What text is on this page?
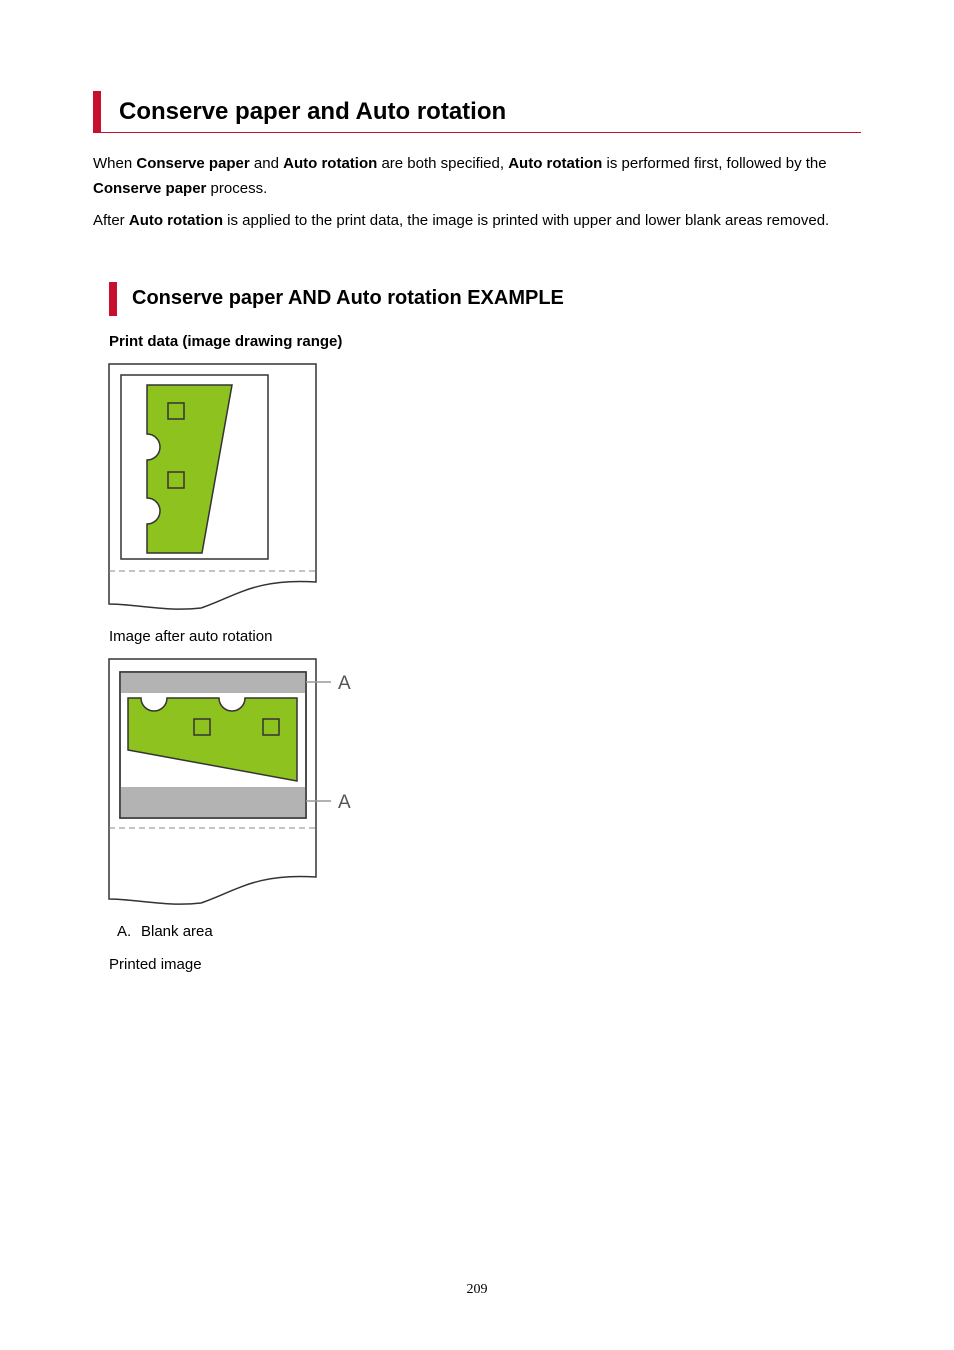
Conserve paper and Auto rotation
When Conserve paper and Auto rotation are both specified, Auto rotation is performed first, followed by the Conserve paper process.
After Auto rotation is applied to the print data, the image is printed with upper and lower blank areas removed.
Conserve paper AND Auto rotation EXAMPLE
Print data (image drawing range)
Image after auto rotation
A
A
A. Blank area
Printed image
209
